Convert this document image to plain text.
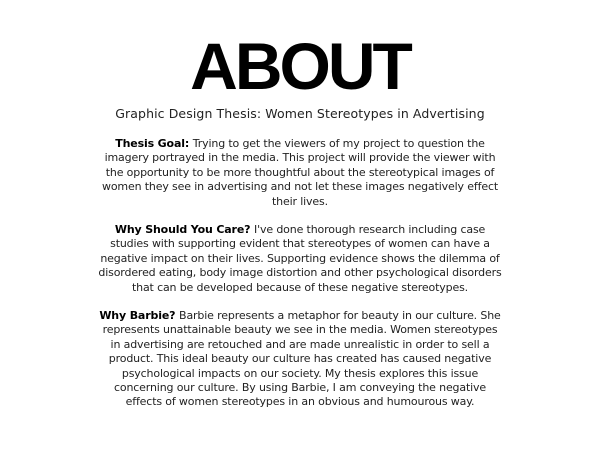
ABOUT
Graphic Design Thesis: Women Stereotypes in Advertising
Thesis Goal: Trying to get the viewers of my project to question the imagery portrayed in the media. This project will provide the viewer with the opportunity to be more thoughtful about the stereotypical images of women they see in advertising and not let these images negatively effect their lives.
Why Should You Care? I've done thorough research including case studies with supporting evident that stereotypes of women can have a negative impact on their lives. Supporting evidence shows the dilemma of disordered eating, body image distortion and other psychological disorders that can be developed because of these negative stereotypes.
Why Barbie? Barbie represents a metaphor for beauty in our culture. She represents unattainable beauty we see in the media. Women stereotypes in advertising are retouched and are made unrealistic in order to sell a product. This ideal beauty our culture has created has caused negative psychological impacts on our society. My thesis explores this issue concerning our culture. By using Barbie, I am conveying the negative effects of women stereotypes in an obvious and humourous way.
